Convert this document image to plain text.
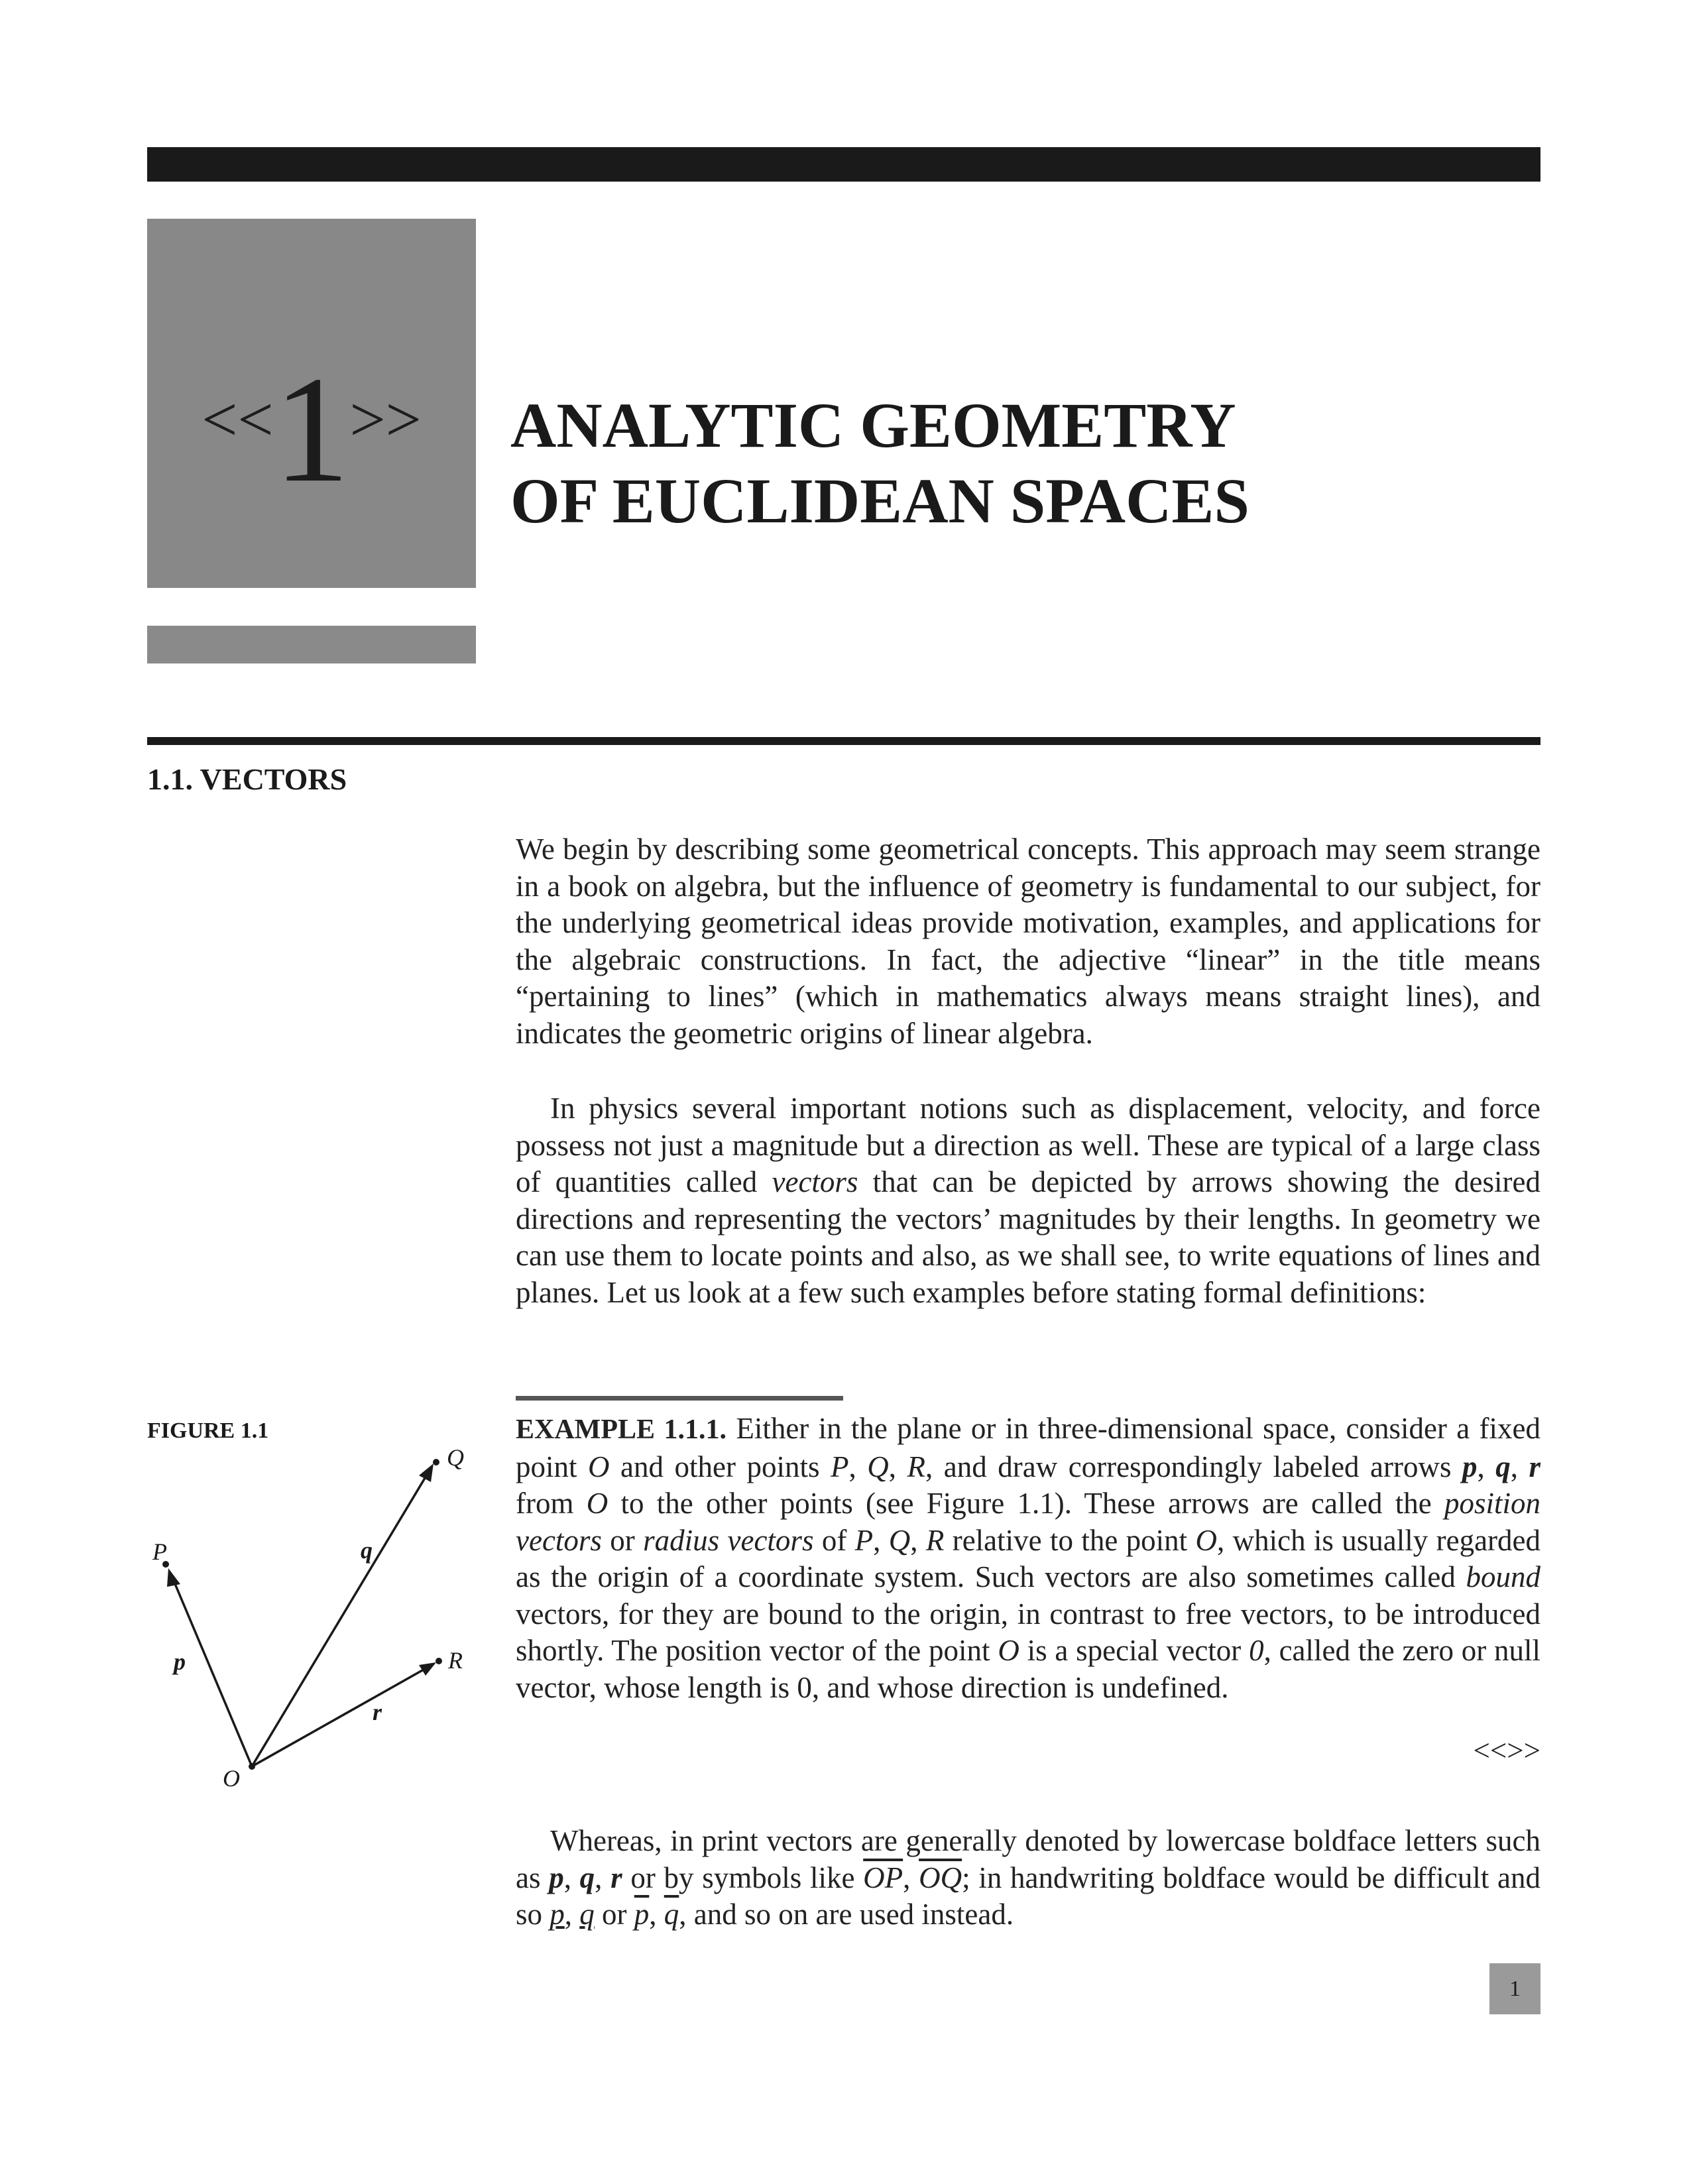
<<1>>	ANALYTIC GEOMETRY
OF EUCLIDEAN SPACES
1.1. VECTORS

We begin by describing some geometrical concepts. This approach may seem strange in a book on algebra, but the influence of geometry is fundamental to our subject, for the underlying geometrical ideas provide motivation, examples, and applications for the algebraic constructions. In fact, the adjective “linear” in the title means “pertaining to lines” (which in mathematics always means straight lines), and indicates the geometric origins of linear algebra.

In physics several important notions such as displacement, velocity, and force possess not just a magnitude but a direction as well. These are typical of a large class of quantities called vectors that can be depicted by arrows showing the desired directions and representing the vectors’ magnitudes by their lengths. In geometry we can use them to locate points and also, as we shall see, to write equations of lines and planes. Let us look at a few such examples before stating formal definitions:

FIGURE 1.1
P
Q
R
O
p
q
r

EXAMPLE 1.1.1. Either in the plane or in three-dimensional space, consider a fixed point O and other points P, Q, R, and draw correspondingly labeled arrows p, q, r from O to the other points (see Figure 1.1). These arrows are called the position vectors or radius vectors of P, Q, R relative to the point O, which is usually regarded as the origin of a coordinate system. Such vectors are also sometimes called bound vectors, for they are bound to the origin, in contrast to free vectors, to be introduced shortly. The position vector of the point O is a special vector 0, called the zero or null vector, whose length is 0, and whose direction is undefined.

<<>>

Whereas, in print vectors are generally denoted by lowercase boldface letters such as p, q, r or by symbols like $\overline{OP}$, $\overline{OQ}$; in handwriting boldface would be difficult and so p, q or $\overline{p}$, $\overline{q}$, and so on are used instead.

1
